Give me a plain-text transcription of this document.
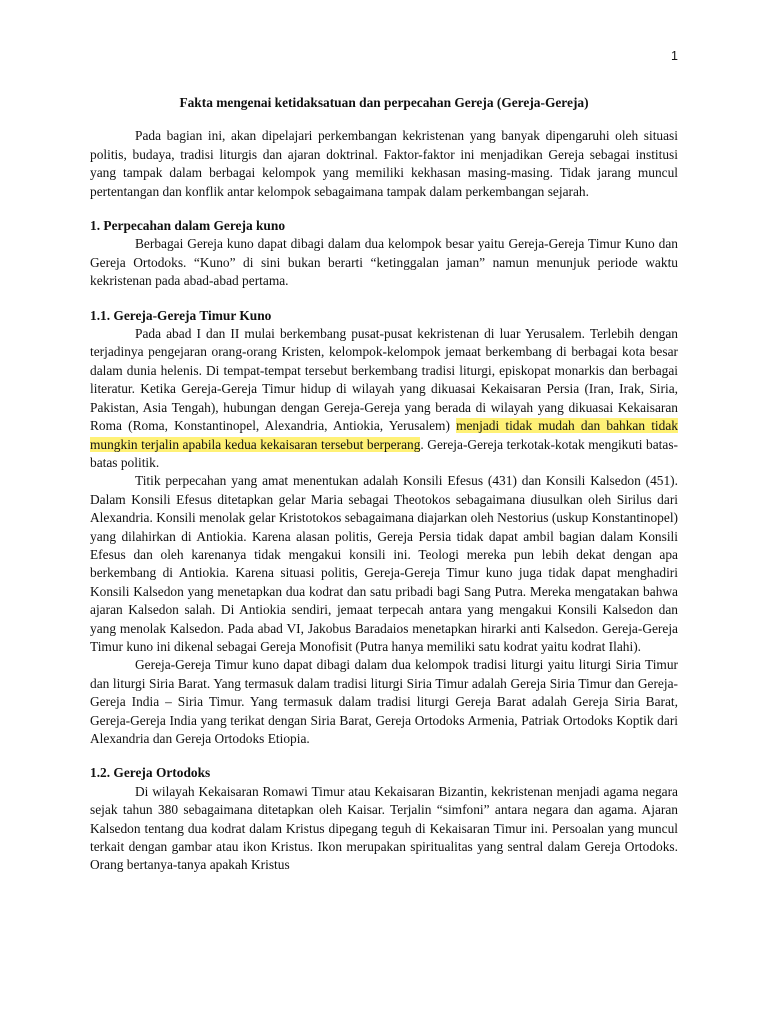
1
Fakta mengenai ketidaksatuan dan perpecahan Gereja (Gereja-Gereja)

Pada bagian ini, akan dipelajari perkembangan kekristenan yang banyak dipengaruhi oleh situasi politis, budaya, tradisi liturgis dan ajaran doktrinal. Faktor-faktor ini menjadikan Gereja sebagai institusi yang tampak dalam berbagai kelompok yang memiliki kekhasan masing-masing. Tidak jarang muncul pertentangan dan konflik antar kelompok sebagaimana tampak dalam perkembangan sejarah.

1. Perpecahan dalam Gereja kuno

Berbagai Gereja kuno dapat dibagi dalam dua kelompok besar yaitu Gereja-Gereja Timur Kuno dan Gereja Ortodoks. “Kuno” di sini bukan berarti “ketinggalan jaman” namun menunjuk periode waktu kekristenan pada abad-abad pertama.

1.1. Gereja-Gereja Timur Kuno

Pada abad I dan II mulai berkembang pusat-pusat kekristenan di luar Yerusalem. Terlebih dengan terjadinya pengejaran orang-orang Kristen, kelompok-kelompok jemaat berkembang di berbagai kota besar dalam dunia helenis. Di tempat-tempat tersebut berkembang tradisi liturgi, episkopat monarkis dan berbagai literatur. Ketika Gereja-Gereja Timur hidup di wilayah yang dikuasai Kekaisaran Persia (Iran, Irak, Siria, Pakistan, Asia Tengah), hubungan dengan Gereja-Gereja yang berada di wilayah yang dikuasai Kekaisaran Roma (Roma, Konstantinopel, Alexandria, Antiokia, Yerusalem) menjadi tidak mudah dan bahkan tidak mungkin terjalin apabila kedua kekaisaran tersebut berperang. Gereja-Gereja terkotak-kotak mengikuti batas-batas politik.

Titik perpecahan yang amat menentukan adalah Konsili Efesus (431) dan Konsili Kalsedon (451). Dalam Konsili Efesus ditetapkan gelar Maria sebagai Theotokos sebagaimana diusulkan oleh Sirilus dari Alexandria. Konsili menolak gelar Kristotokos sebagaimana diajarkan oleh Nestorius (uskup Konstantinopel) yang dilahirkan di Antiokia. Karena alasan politis, Gereja Persia tidak dapat ambil bagian dalam Konsili Efesus dan oleh karenanya tidak mengakui konsili ini. Teologi mereka pun lebih dekat dengan apa berkembang di Antiokia. Karena situasi politis, Gereja-Gereja Timur kuno juga tidak dapat menghadiri Konsili Kalsedon yang menetapkan dua kodrat dan satu pribadi bagi Sang Putra. Mereka mengatakan bahwa ajaran Kalsedon salah. Di Antiokia sendiri, jemaat terpecah antara yang mengakui Konsili Kalsedon dan yang menolak Kalsedon. Pada abad VI, Jakobus Baradaios menetapkan hirarki anti Kalsedon. Gereja-Gereja Timur kuno ini dikenal sebagai Gereja Monofisit (Putra hanya memiliki satu kodrat yaitu kodrat Ilahi).

Gereja-Gereja Timur kuno dapat dibagi dalam dua kelompok tradisi liturgi yaitu liturgi Siria Timur dan liturgi Siria Barat. Yang termasuk dalam tradisi liturgi Siria Timur adalah Gereja Siria Timur dan Gereja-Gereja India – Siria Timur. Yang termasuk dalam tradisi liturgi Gereja Barat adalah Gereja Siria Barat, Gereja-Gereja India yang terikat dengan Siria Barat, Gereja Ortodoks Armenia, Patriak Ortodoks Koptik dari Alexandria dan Gereja Ortodoks Etiopia.

1.2. Gereja Ortodoks

Di wilayah Kekaisaran Romawi Timur atau Kekaisaran Bizantin, kekristenan menjadi agama negara sejak tahun 380 sebagaimana ditetapkan oleh Kaisar. Terjalin “simfoni” antara negara dan agama. Ajaran Kalsedon tentang dua kodrat dalam Kristus dipegang teguh di Kekaisaran Timur ini. Persoalan yang muncul terkait dengan gambar atau ikon Kristus. Ikon merupakan spiritualitas yang sentral dalam Gereja Ortodoks. Orang bertanya-tanya apakah Kristus
